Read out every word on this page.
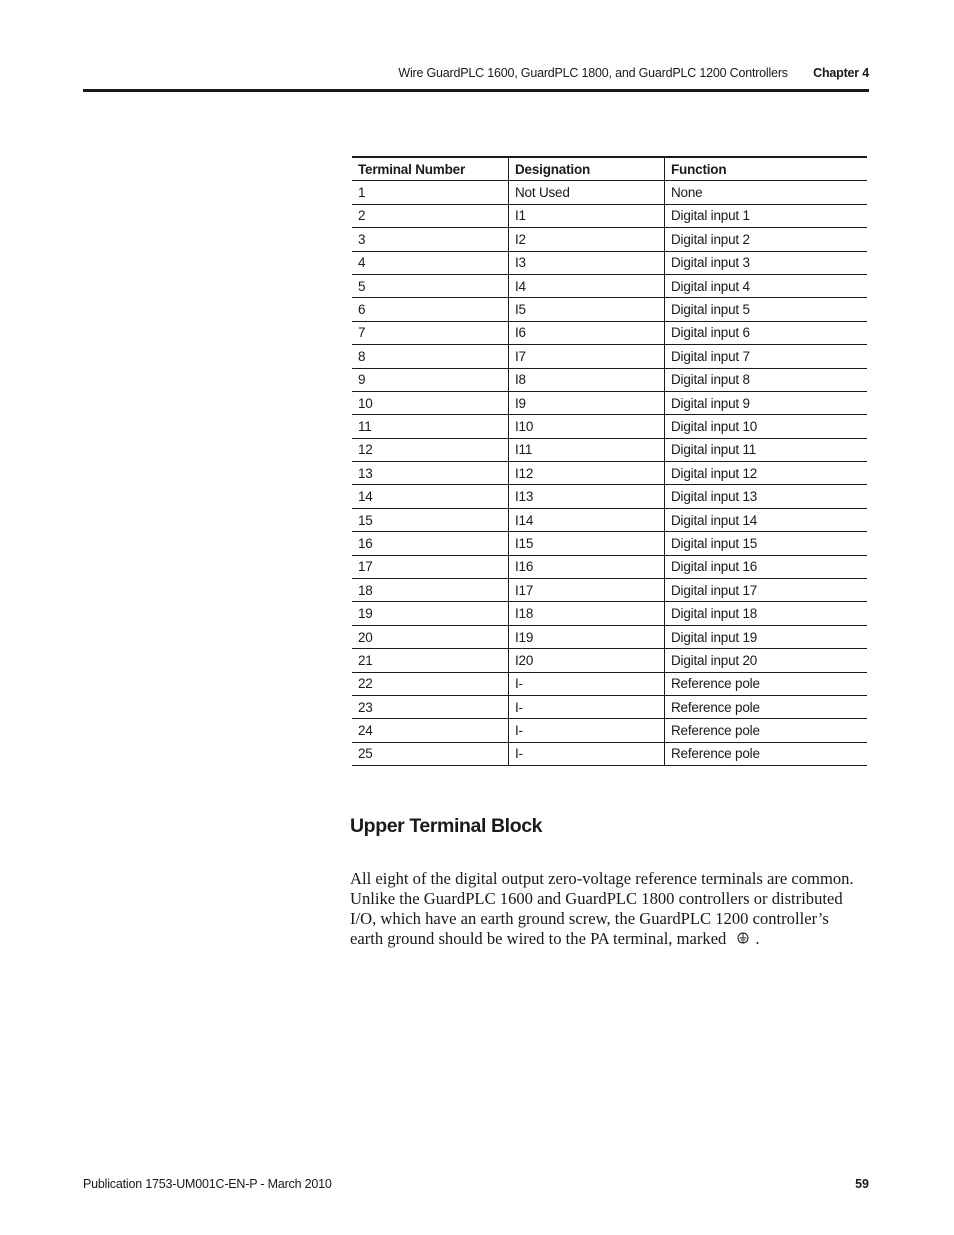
Wire GuardPLC 1600, GuardPLC 1800, and GuardPLC 1200 Controllers Chapter 4
Terminal Number	Designation	Function
1	Not Used	None
2	I1	Digital input 1
3	I2	Digital input 2
4	I3	Digital input 3
5	I4	Digital input 4
6	I5	Digital input 5
7	I6	Digital input 6
8	I7	Digital input 7
9	I8	Digital input 8
10	I9	Digital input 9
11	I10	Digital input 10
12	I11	Digital input 11
13	I12	Digital input 12
14	I13	Digital input 13
15	I14	Digital input 14
16	I15	Digital input 15
17	I16	Digital input 16
18	I17	Digital input 17
19	I18	Digital input 18
20	I19	Digital input 19
21	I20	Digital input 20
22	I-	Reference pole
23	I-	Reference pole
24	I-	Reference pole
25	I-	Reference pole
Upper Terminal Block

All eight of the digital output zero-voltage reference terminals are common. Unlike the GuardPLC 1600 and GuardPLC 1800 controllers or distributed I/O, which have an earth ground screw, the GuardPLC 1200 controller’s earth ground should be wired to the PA terminal, marked .

Publication 1753-UM001C-EN-P - March 2010	59
